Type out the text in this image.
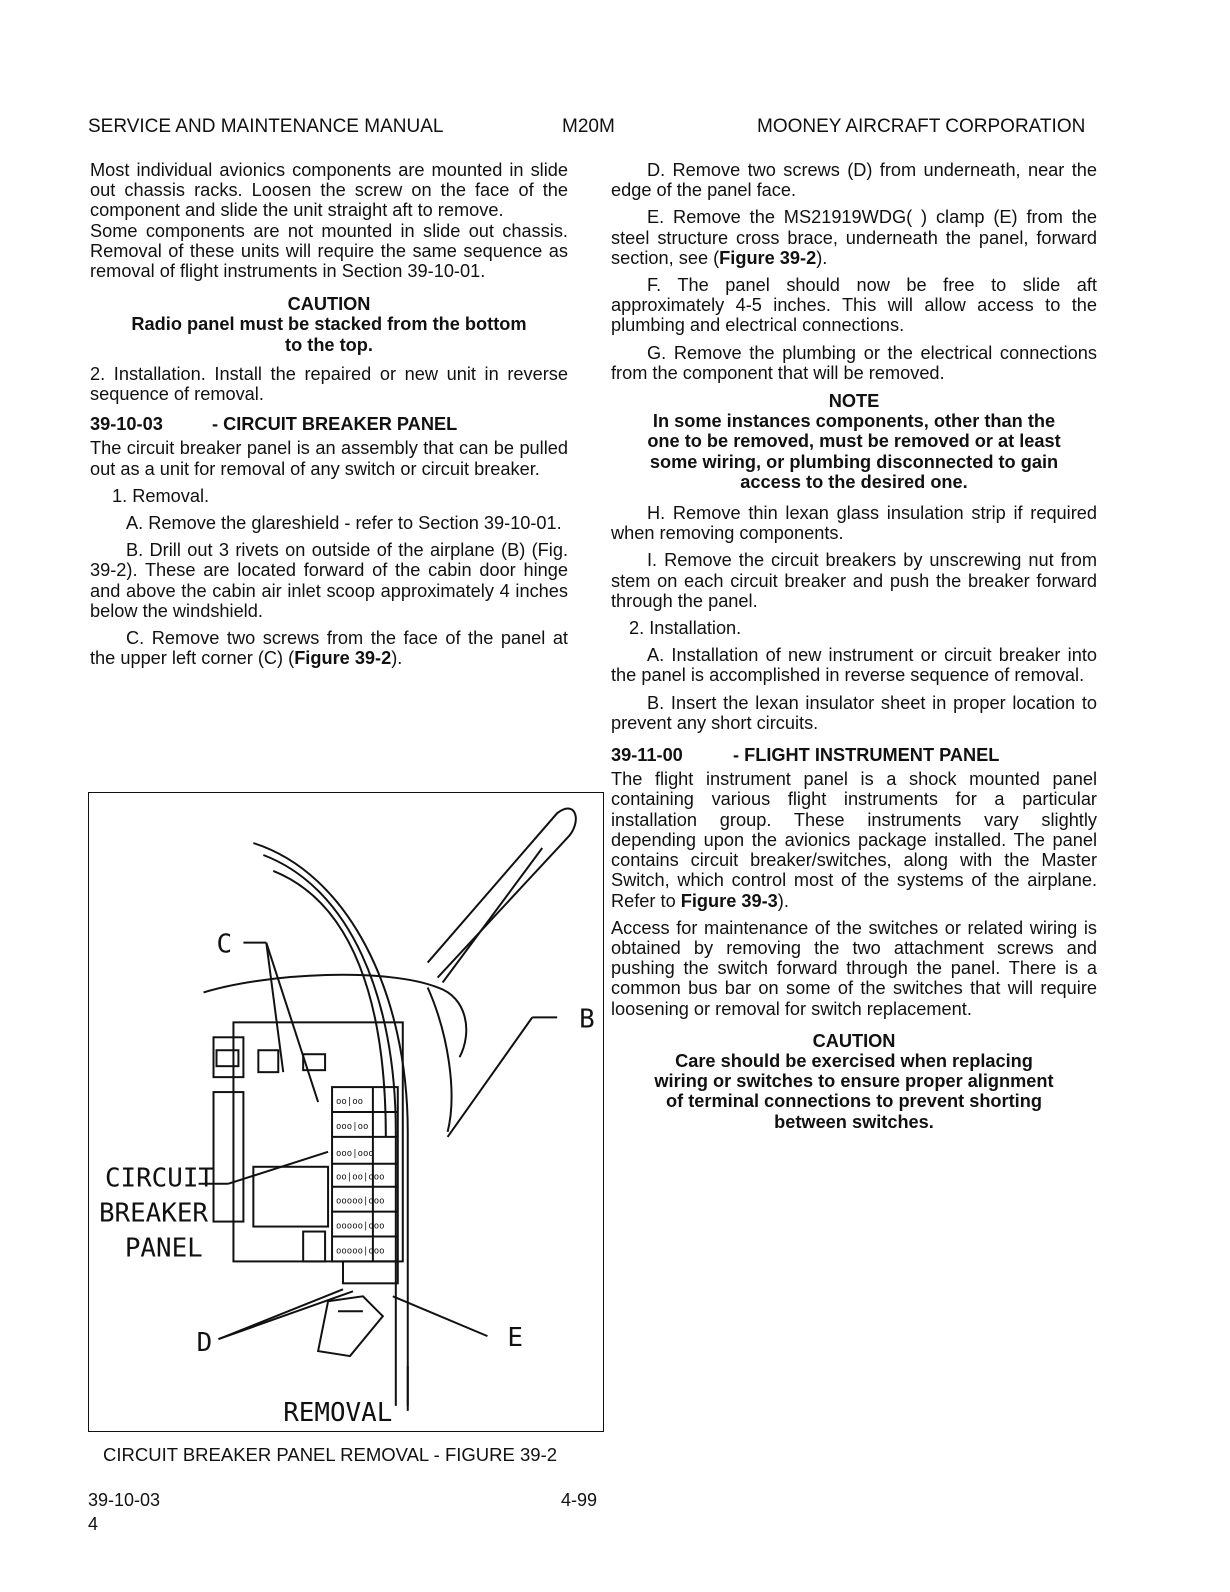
SERVICE AND MAINTENANCE MANUAL	M20M	MOONEY AIRCRAFT CORPORATION

Most individual avionics components are mounted in slide out chassis racks. Loosen the screw on the face of the component and slide the unit straight aft to remove.

Some components are not mounted in slide out chassis. Removal of these units will require the same sequence as removal of flight instruments in Section 39-10-01.

CAUTION
Radio panel must be stacked from the bottom
to the top.

2. Installation. Install the repaired or new unit in reverse sequence of removal.

39-10-03	- CIRCUIT BREAKER PANEL

The circuit breaker panel is an assembly that can be pulled out as a unit for removal of any switch or circuit breaker.

1. Removal.

A. Remove the glareshield - refer to Section 39-10-01.

B. Drill out 3 rivets on outside of the airplane (B) (Fig. 39-2). These are located forward of the cabin door hinge and above the cabin air inlet scoop approximately 4 inches below the windshield.

C. Remove two screws from the face of the panel at the upper left corner (C) (Figure 39-2).

D. Remove two screws (D) from underneath, near the edge of the panel face.

E. Remove the MS21919WDG( ) clamp (E) from the steel structure cross brace, underneath the panel, forward section, see (Figure 39-2).

F. The panel should now be free to slide aft approximately 4-5 inches. This will allow access to the plumbing and electrical connections.

G. Remove the plumbing or the electrical connections from the component that will be removed.

NOTE
In some instances components, other than the
one to be removed, must be removed or at least
some wiring, or plumbing disconnected to gain
access to the desired one.

H. Remove thin lexan glass insulation strip if required when removing components.

I. Remove the circuit breakers by unscrewing nut from stem on each circuit breaker and push the breaker forward through the panel.

2. Installation.

A. Installation of new instrument or circuit breaker into the panel is accomplished in reverse sequence of removal.

B. Insert the lexan insulator sheet in proper location to prevent any short circuits.

39-11-00	- FLIGHT INSTRUMENT PANEL

The flight instrument panel is a shock mounted panel containing various flight instruments for a particular installation group. These instruments vary slightly depending upon the avionics package installed. The panel contains circuit breaker/switches, along with the Master Switch, which control most of the systems of the airplane. Refer to Figure 39-3).

Access for maintenance of the switches or related wiring is obtained by removing the two attachment screws and pushing the switch forward through the panel. There is a common bus bar on some of the switches that will require loosening or removal for switch replacement.

CAUTION
Care should be exercised when replacing
wiring or switches to ensure proper alignment
of terminal connections to prevent shorting
between switches.
oo|oo
ooo|oo
ooo|ooo
oo|oo|ooo
ooooo|ooo
ooooo|ooo
ooooo|ooo
C
B
CIRCUIT
BREAKER
PANEL
D	E
REMOVAL
CIRCUIT BREAKER PANEL REMOVAL - FIGURE 39-2
39-10-03
4
4-99
